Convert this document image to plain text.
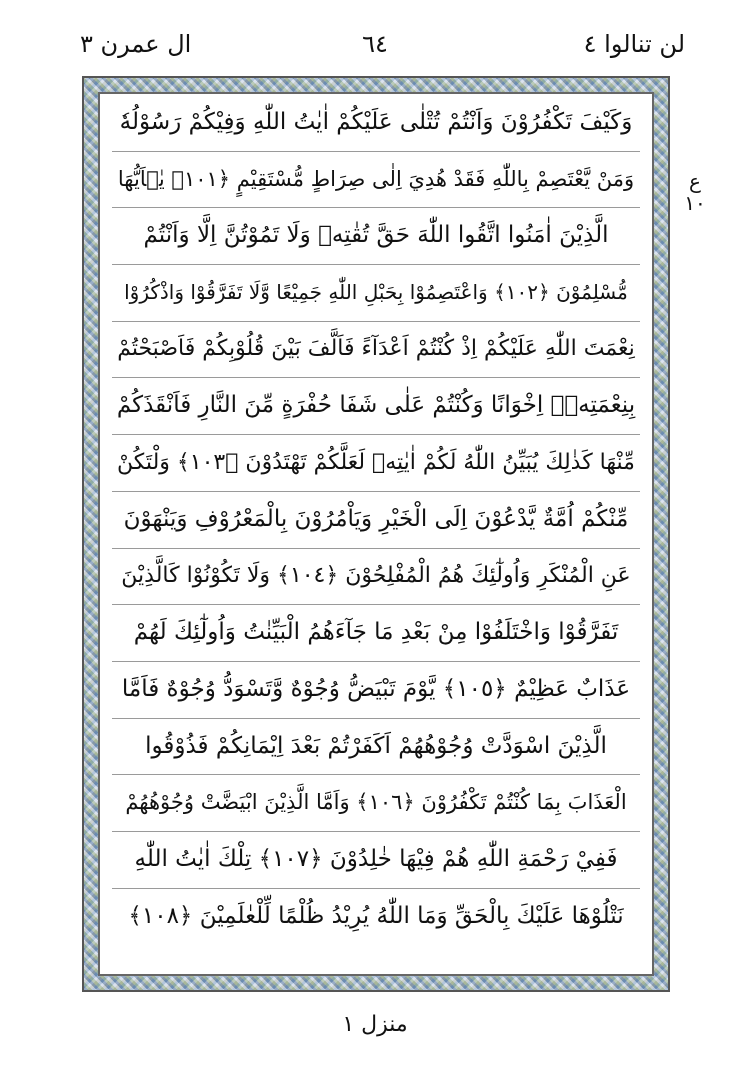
لن تنالوا ٤
٦٤
ال عمرن ٣
وَكَيْفَ تَكْفُرُوْنَ وَاَنْتُمْ تُتْلٰى عَلَيْكُمْ اٰيٰتُ اللّٰهِ وَفِيْكُمْ رَسُوْلُهٗ
وَمَنْ يَّعْتَصِمْ بِاللّٰهِ فَقَدْ هُدِيَ اِلٰى صِرَاطٍ مُّسْتَقِيْمٍ ﴿١٠١﴾ يٰۤاَيُّهَا
الَّذِيْنَ اٰمَنُوا اتَّقُوا اللّٰهَ حَقَّ تُقٰتِهٖ وَلَا تَمُوْتُنَّ اِلَّا وَاَنْتُمْ
مُّسْلِمُوْنَ ﴿١٠٢﴾ وَاعْتَصِمُوْا بِحَبْلِ اللّٰهِ جَمِيْعًا وَّلَا تَفَرَّقُوْا وَاذْكُرُوْا
نِعْمَتَ اللّٰهِ عَلَيْكُمْ اِذْ كُنْتُمْ اَعْدَآءً فَاَلَّفَ بَيْنَ قُلُوْبِكُمْ فَاَصْبَحْتُمْ
بِنِعْمَتِهٖۤ اِخْوَانًا وَكُنْتُمْ عَلٰى شَفَا حُفْرَةٍ مِّنَ النَّارِ فَاَنْقَذَكُمْ
مِّنْهَا كَذٰلِكَ يُبَيِّنُ اللّٰهُ لَكُمْ اٰيٰتِهٖ لَعَلَّكُمْ تَهْتَدُوْنَ ﴿١٠٣﴾ وَلْتَكُنْ
مِّنْكُمْ اُمَّةٌ يَّدْعُوْنَ اِلَى الْخَيْرِ وَيَاْمُرُوْنَ بِالْمَعْرُوْفِ وَيَنْهَوْنَ
عَنِ الْمُنْكَرِ وَاُولٰٓئِكَ هُمُ الْمُفْلِحُوْنَ ﴿١٠٤﴾ وَلَا تَكُوْنُوْا كَالَّذِيْنَ
تَفَرَّقُوْا وَاخْتَلَفُوْا مِنْ بَعْدِ مَا جَآءَهُمُ الْبَيِّنٰتُ وَاُولٰٓئِكَ لَهُمْ
عَذَابٌ عَظِيْمٌ ﴿١٠٥﴾ يَّوْمَ تَبْيَضُّ وُجُوْهٌ وَّتَسْوَدُّ وُجُوْهٌ فَاَمَّا
الَّذِيْنَ اسْوَدَّتْ وُجُوْهُهُمْ اَكَفَرْتُمْ بَعْدَ اِيْمَانِكُمْ فَذُوْقُوا
الْعَذَابَ بِمَا كُنْتُمْ تَكْفُرُوْنَ ﴿١٠٦﴾ وَاَمَّا الَّذِيْنَ ابْيَضَّتْ وُجُوْهُهُمْ
فَفِيْ رَحْمَةِ اللّٰهِ هُمْ فِيْهَا خٰلِدُوْنَ ﴿١٠٧﴾ تِلْكَ اٰيٰتُ اللّٰهِ
نَتْلُوْهَا عَلَيْكَ بِالْحَقِّ وَمَا اللّٰهُ يُرِيْدُ ظُلْمًا لِّلْعٰلَمِيْنَ ﴿١٠٨﴾
ع ١٠
منزل ١
